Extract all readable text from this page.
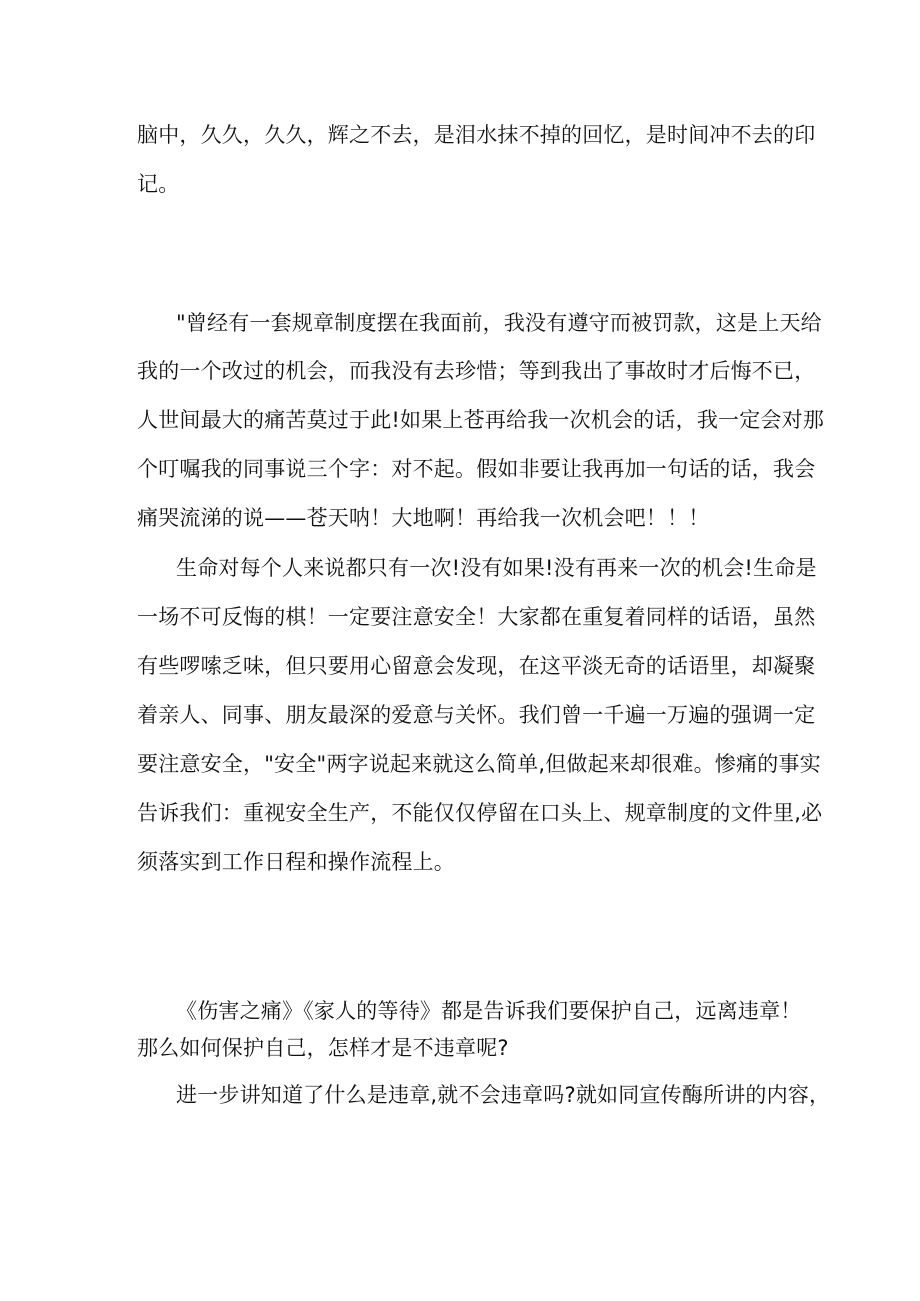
脑中，久久，久久，辉之不去，是泪水抹不掉的回忆，是时间冲不去的印
记。
"曾经有一套规章制度摆在我面前，我没有遵守而被罚款，这是上天给
我的一个改过的机会，而我没有去珍惜；等到我出了事故时才后悔不已，
人世间最大的痛苦莫过于此!如果上苍再给我一次机会的话，我一定会对那
个叮嘱我的同事说三个字：对不起。假如非要让我再加一句话的话，我会
痛哭流涕的说——苍天呐！大地啊！再给我一次机会吧！！！
生命对每个人来说都只有一次!没有如果!没有再来一次的机会!生命是
一场不可反悔的棋！一定要注意安全！大家都在重复着同样的话语，虽然
有些啰嗦乏味，但只要用心留意会发现，在这平淡无奇的话语里，却凝聚
着亲人、同事、朋友最深的爱意与关怀。我们曾一千遍一万遍的强调一定
要注意安全，"安全"两字说起来就这么简单,但做起来却很难。惨痛的事实
告诉我们：重视安全生产，不能仅仅停留在口头上、规章制度的文件里,必
须落实到工作日程和操作流程上。
《伤害之痛》《家人的等待》都是告诉我们要保护自己，远离违章！
那么如何保护自己，怎样才是不违章呢?
进一步讲知道了什么是违章,就不会违章吗?就如同宣传酶所讲的内容，
